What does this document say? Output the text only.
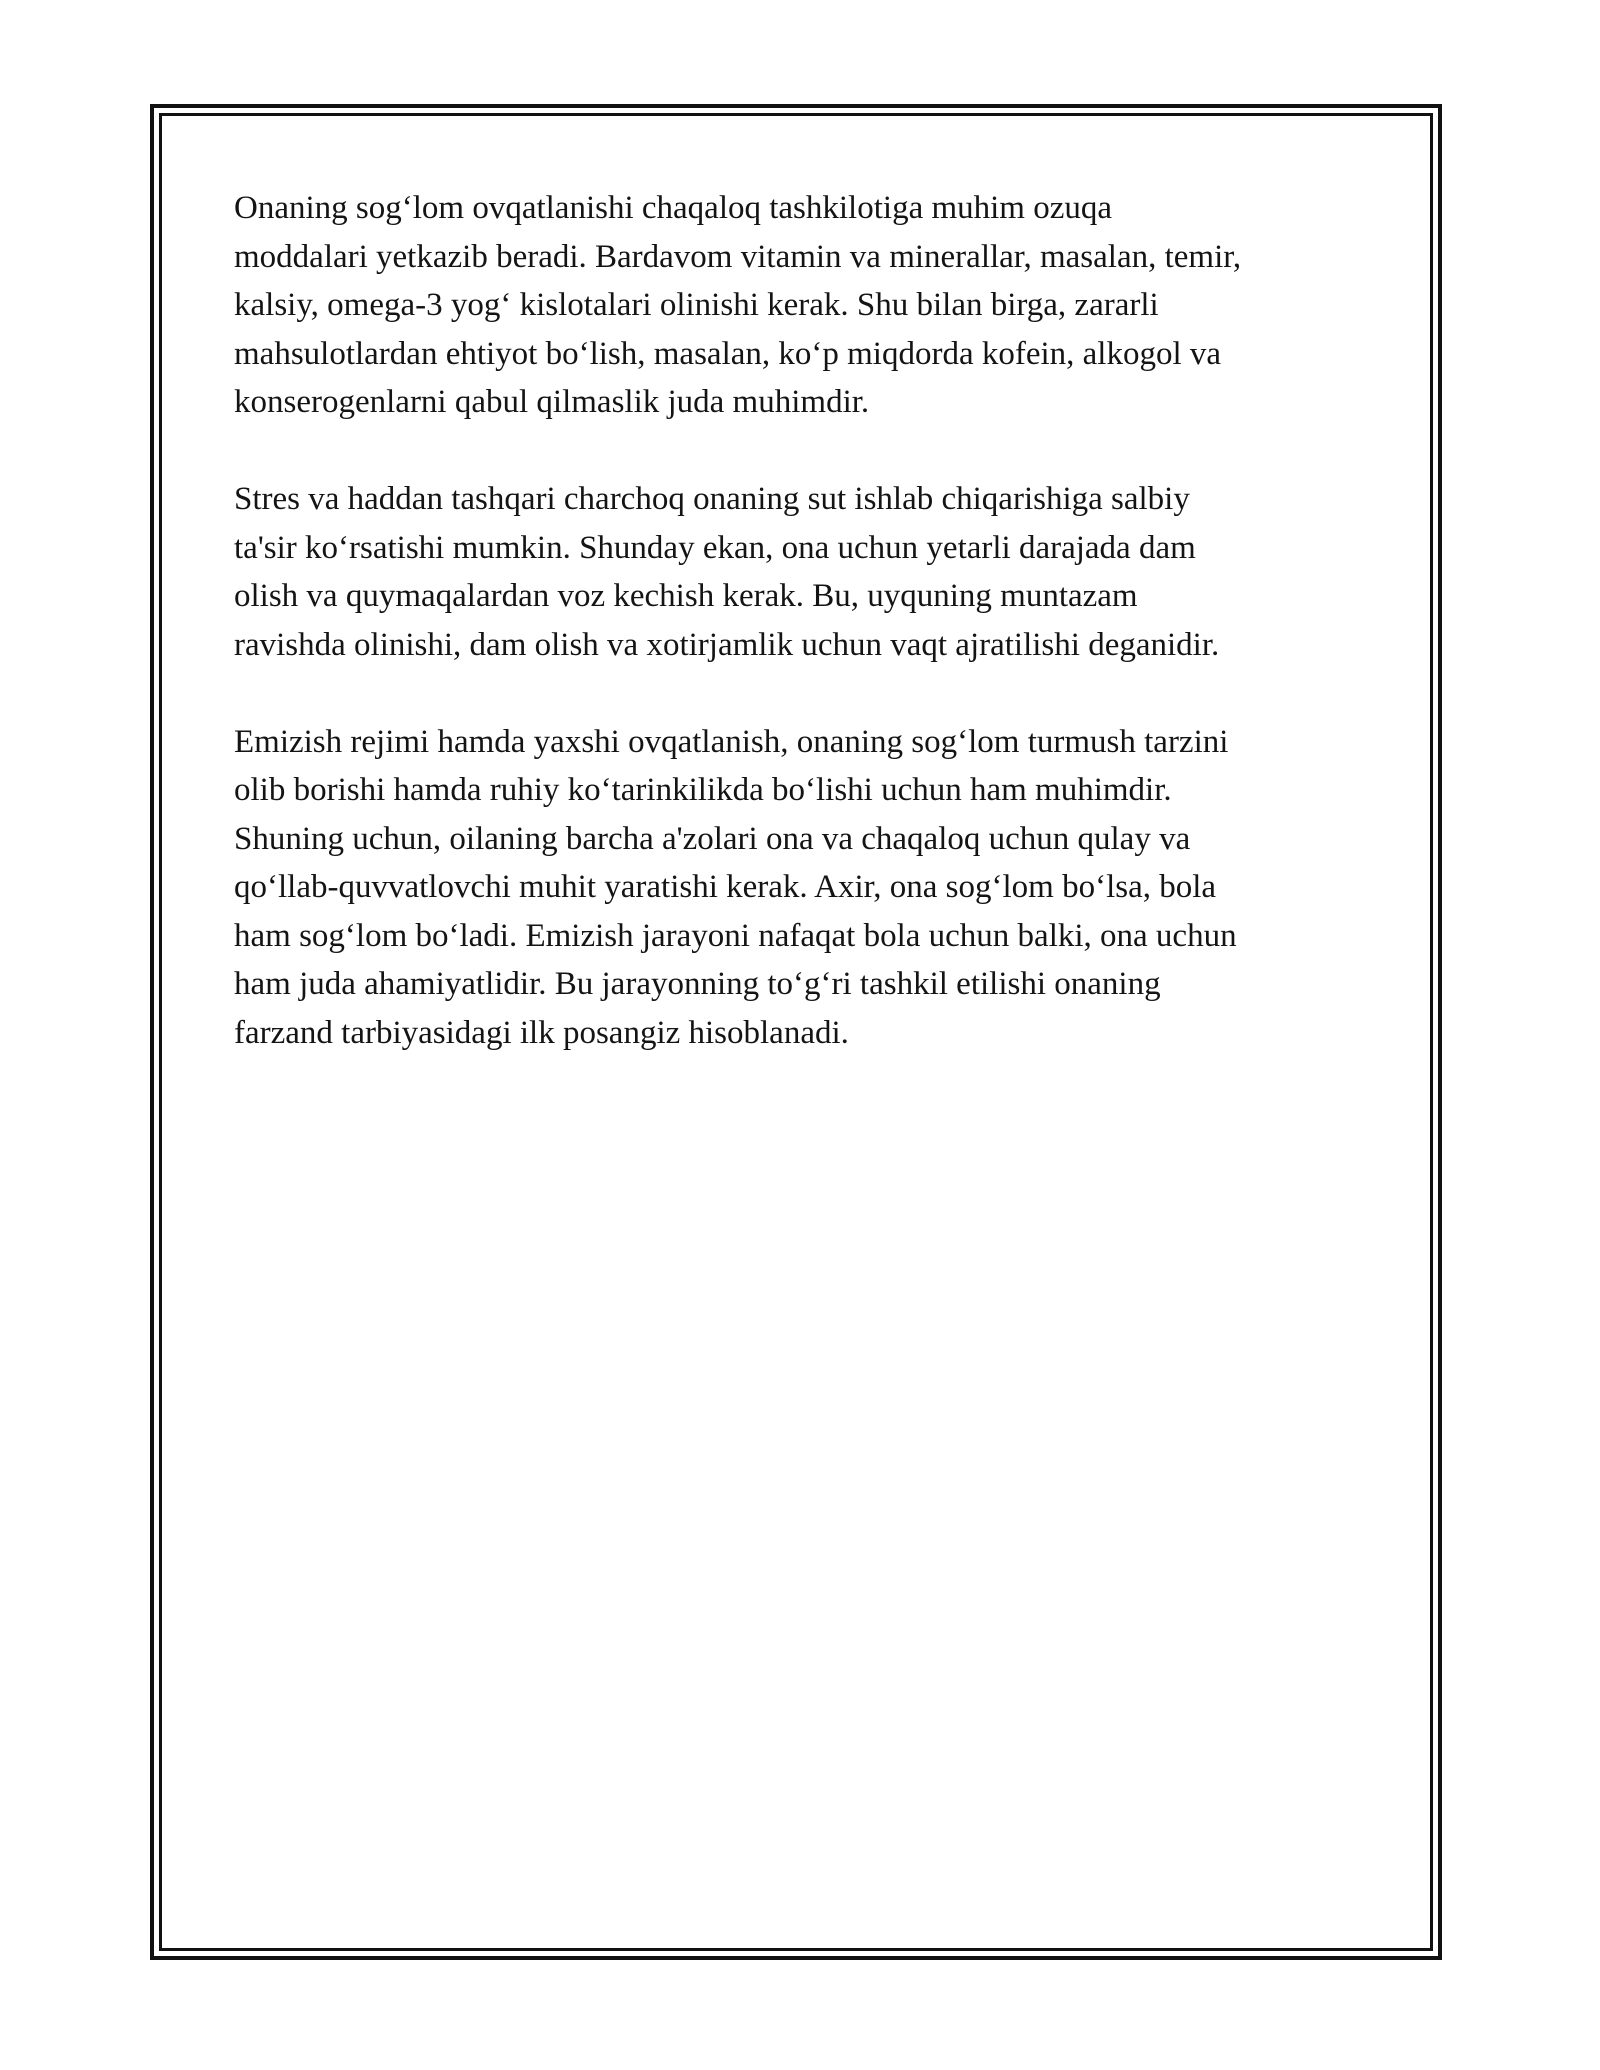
Onaning sog‘lom ovqatlanishi chaqaloq tashkilotiga muhim ozuqa
moddalari yetkazib beradi. Bardavom vitamin va minerallar, masalan, temir,
kalsiy, omega-3 yog‘ kislotalari olinishi kerak. Shu bilan birga, zararli
mahsulotlardan ehtiyot bo‘lish, masalan, ko‘p miqdorda kofein, alkogol va
konserogenlarni qabul qilmaslik juda muhimdir.

Stres va haddan tashqari charchoq onaning sut ishlab chiqarishiga salbiy
ta'sir ko‘rsatishi mumkin. Shunday ekan, ona uchun yetarli darajada dam
olish va quymaqalardan voz kechish kerak. Bu, uyquning muntazam
ravishda olinishi, dam olish va xotirjamlik uchun vaqt ajratilishi deganidir.

Emizish rejimi hamda yaxshi ovqatlanish, onaning sog‘lom turmush tarzini
olib borishi hamda ruhiy ko‘tarinkilikda bo‘lishi uchun ham muhimdir.
Shuning uchun, oilaning barcha a'zolari ona va chaqaloq uchun qulay va
qo‘llab-quvvatlovchi muhit yaratishi kerak. Axir, ona sog‘lom bo‘lsa, bola
ham sog‘lom bo‘ladi. Emizish jarayoni nafaqat bola uchun balki, ona uchun
ham juda ahamiyatlidir. Bu jarayonning to‘g‘ri tashkil etilishi onaning
farzand tarbiyasidagi ilk posangiz hisoblanadi.
